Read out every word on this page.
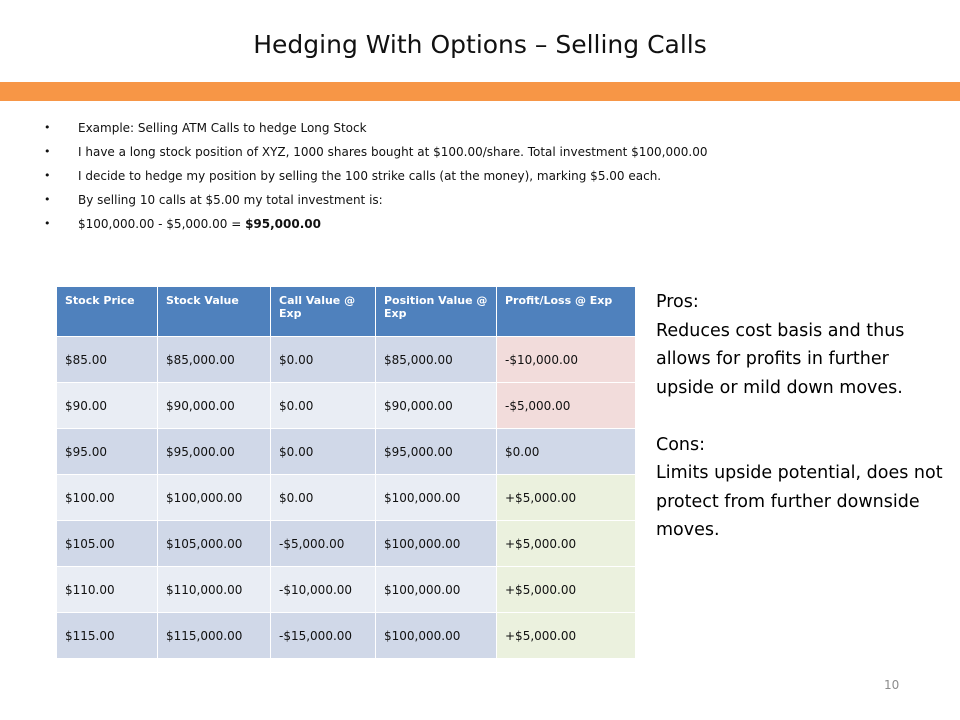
Hedging With Options – Selling Calls
• Example: Selling ATM Calls to hedge Long Stock
• I have a long stock position of XYZ, 1000 shares bought at $100.00/share. Total investment $100,000.00
• I decide to hedge my position by selling the 100 strike calls (at the money), marking $5.00 each.
• By selling 10 calls at $5.00 my total investment is:
• $100,000.00 - $5,000.00 = $95,000.00
Stock Price	Stock Value	Call Value @ Exp	Position Value @ Exp	Profit/Loss @ Exp
$85.00	$85,000.00	$0.00	$85,000.00	-$10,000.00
$90.00	$90,000.00	$0.00	$90,000.00	-$5,000.00
$95.00	$95,000.00	$0.00	$95,000.00	$0.00
$100.00	$100,000.00	$0.00	$100,000.00	+$5,000.00
$105.00	$105,000.00	-$5,000.00	$100,000.00	+$5,000.00
$110.00	$110,000.00	-$10,000.00	$100,000.00	+$5,000.00
$115.00	$115,000.00	-$15,000.00	$100,000.00	+$5,000.00

Pros:

Reduces cost basis and thus allows for profits in further upside or mild down moves.

Cons:

Limits upside potential, does not protect from further downside moves.

10
